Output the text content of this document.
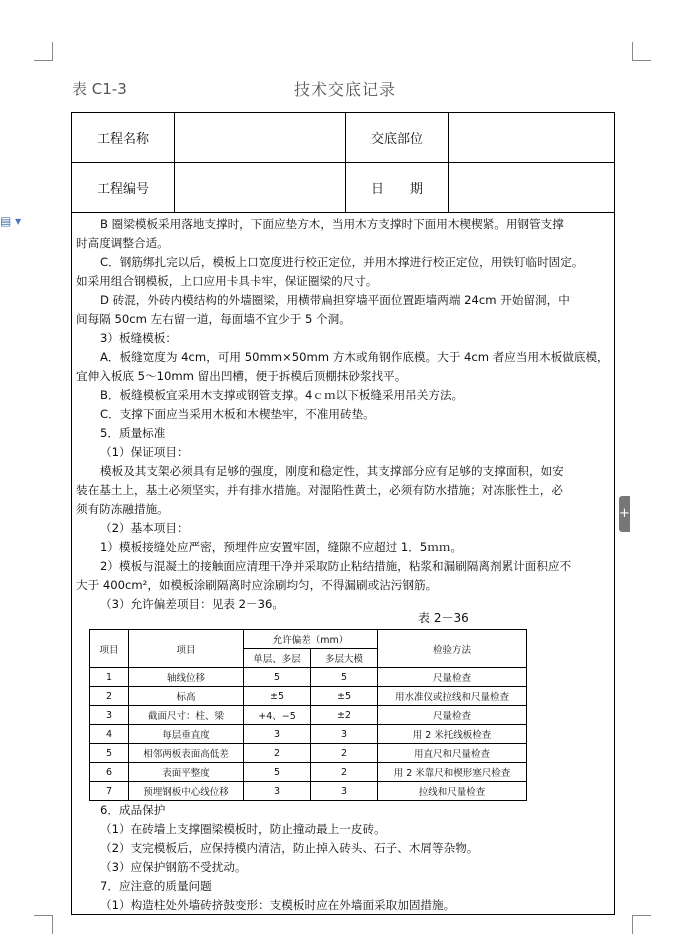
▤ ▾
+
表 C1-3	技术交底记录
工程名称		交底部位	
工程编号		日　　期	
B 圈梁模板采用落地支撑时，下面应垫方木，当用木方支撑时下面用木楔楔紧。用钢管支撑
时高度调整合适。
C．钢筋绑扎完以后，模板上口宽度进行校正定位，并用木撑进行校正定位，用铁钉临时固定。
如采用组合钢模板，上口应用卡具卡牢，保证圈梁的尺寸。
D 砖混，外砖内模结构的外墙圈梁，用横带扁担穿墙平面位置距墙两端 24cm 开始留洞，中
间每隔 50cm 左右留一道，每面墙不宜少于 5 个洞。
3）板缝模板：
A．板缝宽度为 4cm，可用 50mm×50mm 方木或角钢作底模。大于 4cm 者应当用木板做底模，
宜伸入板底 5～10mm 留出凹槽，便于拆模后顶棚抹砂浆找平。
B．板缝模板宜采用木支撑或钢管支撑。4ｃｍ以下板缝采用吊关方法。
C．支撑下面应当采用木板和木楔垫牢，不准用砖垫。
5．质量标准
（1）保证项目：
模板及其支架必须具有足够的强度，刚度和稳定性，其支撑部分应有足够的支撑面积，如安
装在基土上，基土必须坚实，并有排水措施。对湿陷性黄土，必须有防水措施；对冻胀性土，必
须有防冻融措施。
（2）基本项目：
1）模板接缝处应严密，预埋件应安置牢固，缝隙不应超过 1．5ｍｍ。
2）模板与混凝土的接触面应清理干净并采取防止粘结措施，粘浆和漏刷隔离剂累计面积应不
大于 400cm²，如模板涂刷隔离时应涂刷均匀，不得漏刷或沾污钢筋。
（3）允许偏差项目：见表 2－36。
表 2－36
项目	项目	允许偏差（mm）		检验方法
		单层、多层	多层大模	
1	轴线位移	5	5	尺量检查
2	标高	±5	±5	用水准仪或拉线和尺量检查
3	截面尺寸：柱、梁	+4、−5	±2	尺量检查
4	每层垂直度	3	3	用 2 米托线板检查
5	相邻两板表面高低差	2	2	用直尺和尺量检查
6	表面平整度	5	2	用 2 米靠尺和楔形塞尺检查
7	预埋钢板中心线位移	3	3	拉线和尺量检查
6．成品保护
（1）在砖墙上支撑圈梁模板时，防止撞动最上一皮砖。
（2）支完模板后，应保持模内清洁，防止掉入砖头、石子、木屑等杂物。
（3）应保护钢筋不受扰动。
7．应注意的质量问题
（1）构造柱处外墙砖挤鼓变形：支模板时应在外墙面采取加固措施。
